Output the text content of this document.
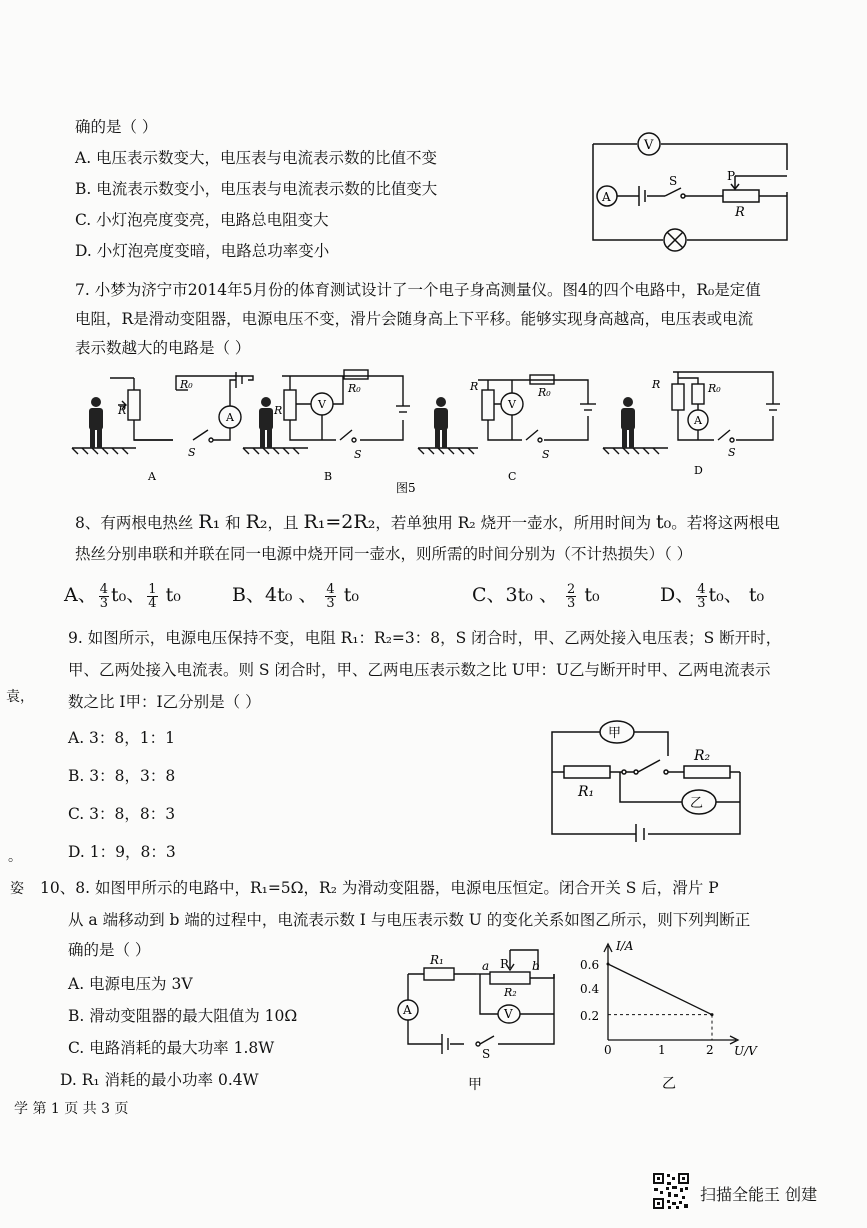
确的是（ ）
A. 电压表示数变大，电压表与电流表示数的比值不变
B. 电流表示数变小，电压表与电流表示数的比值变大
C. 小灯泡亮度变亮，电路总电阻变大
D. 小灯泡亮度变暗，电路总功率变小
V
A
S	P
R
7. 小梦为济宁市2014年5月份的体育测试设计了一个电子身高测量仪。图4的四个电路中，R₀是定值
电阻，R是滑动变阻器，电源电压不变，滑片会随身高上下平移。能够实现身高越高，电压表或电流
表示数越大的电路是（ ）
R
R₀
A
S
A
R
R₀
V
S
B
R	R₀
V
S
C
R	R₀
A
S
D
图5
8、有两根电热丝 R₁ 和 R₂，且 R₁=2R₂，若单独用 R₂ 烧开一壶水，所用时间为 t₀。若将这两根电
热丝分别串联和并联在同一电源中烧开同一壶水，则所需的时间分别为（不计热损失）（ ）
A、 $\frac{4}{3} t_0$、 $\frac{1}{4} t_0$	B、4t₀ 、 $\frac{4}{3} t_0$	C、3t₀ 、 $\frac{2}{3} t_0$	D、 $\frac{4}{3} t_0$、 t₀
9. 如图所示，电源电压保持不变，电阻 R₁：R₂=3：8，S 闭合时，甲、乙两处接入电压表；S 断开时，
甲、乙两处接入电流表。则 S 闭合时，甲、乙两电压表示数之比 U甲：U乙与断开时甲、乙两电流表示
数之比 I甲：I乙分别是（ ）
A. 3：8，1：1
B. 3：8，3：8
C. 3：8，8：3
D. 1：9，8：3
甲
乙
R₁
R₂
10、8. 如图甲所示的电路中，R₁=5Ω，R₂ 为滑动变阻器，电源电压恒定。闭合开关 S 后，滑片 P
从 a 端移动到 b 端的过程中，电流表示数 I 与电压表示数 U 的变化关系如图乙所示，则下列判断正
确的是（ ）
A. 电源电压为 3V
B. 滑动变阻器的最大阻值为 10Ω
C. 电路消耗的最大功率 1.8W
D. R₁ 消耗的最小功率 0.4W
R₁	a P b
R₂
A	V
S
甲
I/A
U/V
0.6
0.4
0.2
0	1	2
乙
袁，
。
姿
学 第 1 页 共 3 页
扫描全能王 创建
